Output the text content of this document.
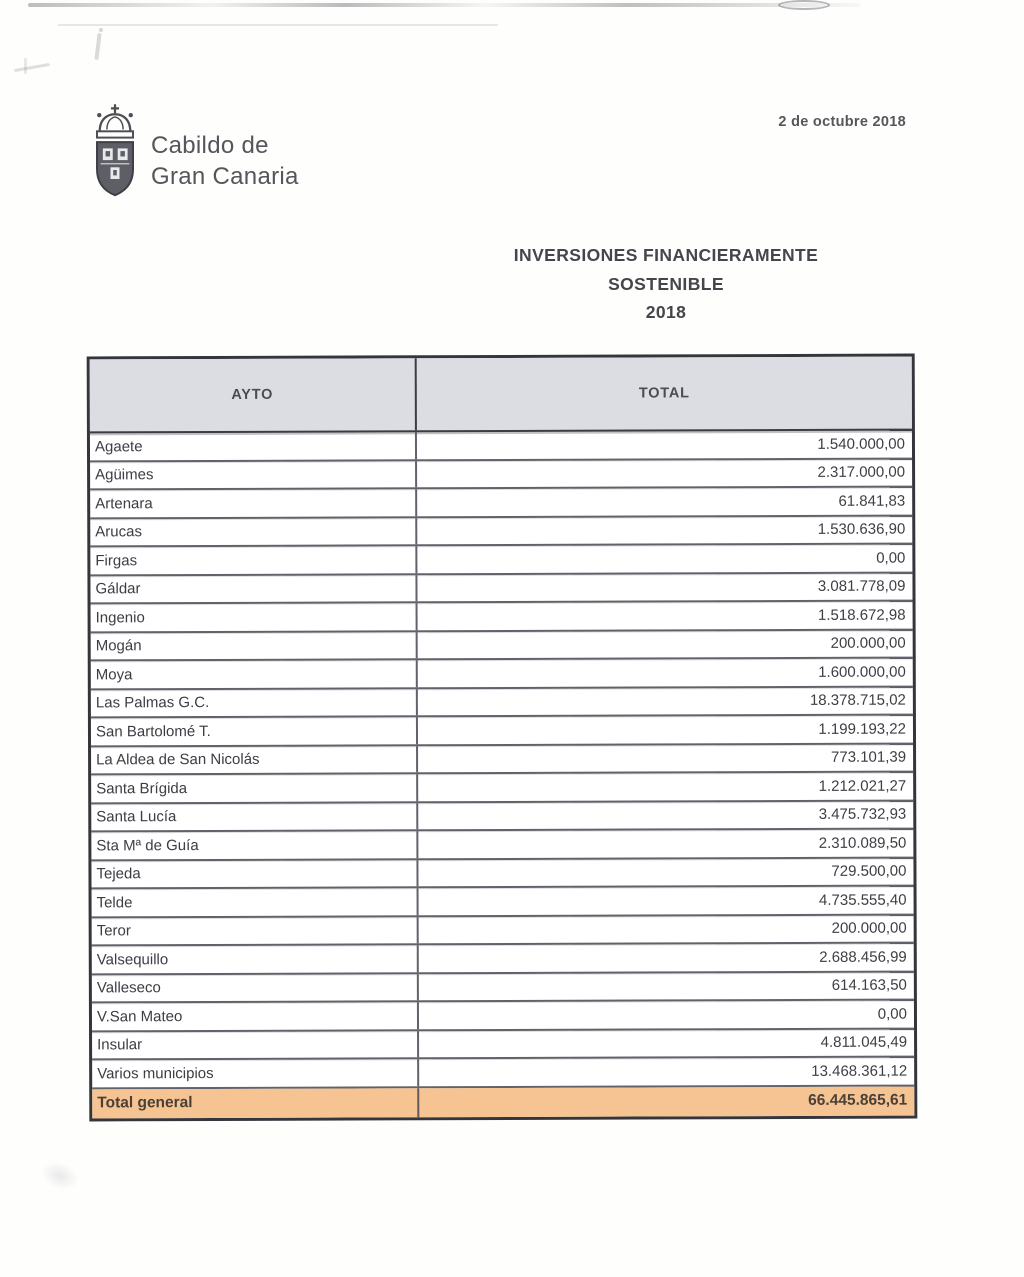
Cabildo de
Gran Canaria
2 de octubre 2018
INVERSIONES FINANCIERAMENTE
SOSTENIBLE
2018
AYTO	TOTAL
Agaete	1.540.000,00
Agüimes	2.317.000,00
Artenara	61.841,83
Arucas	1.530.636,90
Firgas	0,00
Gáldar	3.081.778,09
Ingenio	1.518.672,98
Mogán	200.000,00
Moya	1.600.000,00
Las Palmas G.C.	18.378.715,02
San Bartolomé T.	1.199.193,22
La Aldea de San Nicolás	773.101,39
Santa Brígida	1.212.021,27
Santa Lucía	3.475.732,93
Sta Mª de Guía	2.310.089,50
Tejeda	729.500,00
Telde	4.735.555,40
Teror	200.000,00
Valsequillo	2.688.456,99
Valleseco	614.163,50
V.San Mateo	0,00
Insular	4.811.045,49
Varios municipios	13.468.361,12
Total general	66.445.865,61
